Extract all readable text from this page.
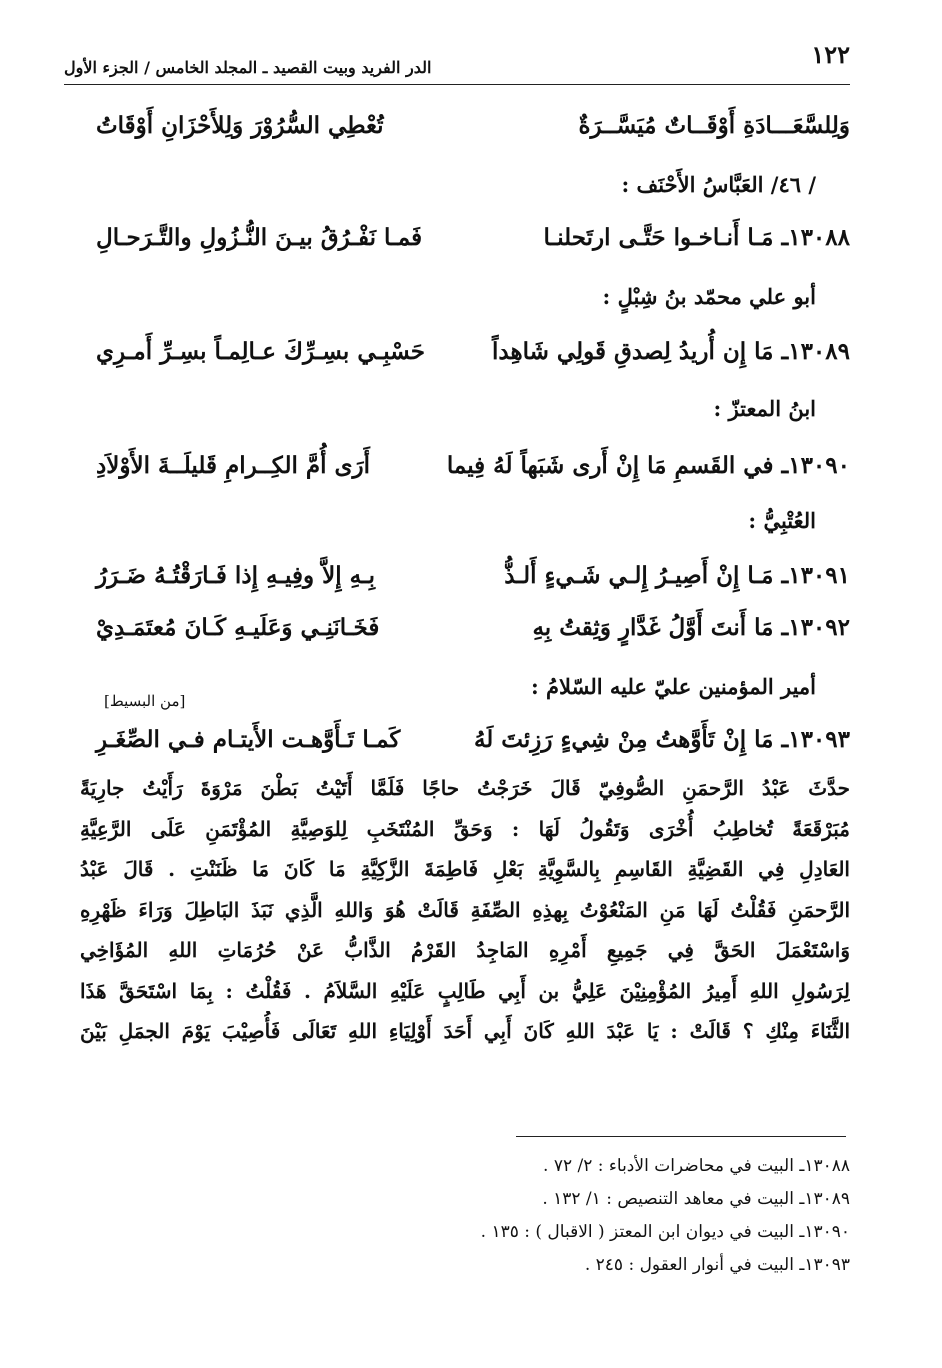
١٢٢
الدر الفريد وبيت القصيد ـ المجلد الخامس / الجزء الأول
وَلِلسَّعَـــادَةِ أَوْقَــاتٌ مُيَسَّــرَةٌ
تُعْطِي السُّرُوْرَ وَلِلأَحْزَانِ أَوْقَاتُ
/ ٤٦/ العَبَّاسُ الأَحْنَف :
١٣٠٨٨ـ مَـا أَنـاخـوا حَتَّـى ارتَحلنـا
فَمـا نَفْـرُقُ بيـنَ النُّـزُولِ والتَّـرَحـالِ
أبو علي محمّد بنُ شِبْلٍ :
١٣٠٨٩ـ مَا إِن أُريدُ لِصدقِ قَولِي شَاهِداً
حَسْبِـي بسِـرِّكَ عـالِمـاً بسِـرِّ أَمـرِي
ابنُ المعتزّ :
١٣٠٩٠ـ في القَسمِ مَا إِنْ أَرى شَبَهاً لَهُ فِيما
أَرَى أُمَّ الكِــرامِ قَليلَــةَ الأَوْلاَدِ
العُتْبِيُّ :
١٣٠٩١ـ مَـا إِنْ أَصِيـرُ إِلـي شَـيءٍ أَلـذُّ
بِـهِ إِلاَّ وفِيـهِ إِذا فَـارَقْتُـهُ ضَـرَرُ
١٣٠٩٢ـ مَا أَنتَ أَوَّلُ غَدَّارٍ وَثِقتُ بِهِ
فَخَـانَنِـي وَعَلَيـهِ كَـانَ مُعتَمَـدِيْ
أمير المؤمنين عليّ عليه السّلامُ :
[من البسيط]
١٣٠٩٣ـ مَا إِنْ تَأَوَّهتُ مِنْ شِيءٍ رَزِئتَ لَهُ
كَمـا تَـأَوَّهـت الأَيتـام فـي الصِّغَـرِ
حدَّثَ عَبْدُ الرَّحمَنِ الصُّوفِيّ قَالَ خَرَجْتُ حاجًا فَلَمَّا أَتَيْتُ بَطْنَ مَرْوَةَ رَأَيْتُ جارِيَةً
مُبَرْقَعَةً تُخاطِبُ أُخْرَى وَتَقُولُ لَهَا : وَحَقِّ المُنْتَخَبِ لِلوَصِيَّةِ المُؤْتَمَنِ عَلَى الرَّعِيَّةِ
العَادِلِ فِي القَضِيَّةِ القَاسِمِ بِالسَّوِيَّةِ بَعْلِ فَاطِمَةَ الزَّكِيَّةِ مَا كَانَ مَا ظَنَنْتِ . قَالَ عَبْدُ
الرَّحمَنِ فَقُلْتُ لَهَا مَنِ المَنْعُوْتُ بِهذِهِ الصِّفَةِ قَالَتْ هُوَ وَاللهِ الَّذِي نَبَذَ البَاطِلَ وَرَاءَ ظَهْرِهِ
وَاسْتَعْمَلَ الحَقَّ فِي جَمِيعِ أَمْرِهِ المَاجِدُ القَرْمُ الذَّابُّ عَنْ حُرُمَاتِ اللهِ المُؤَاخِي
لِرَسُولِ اللهِ أَمِيرُ المُؤْمِنِيْنَ عَلِيُّ بن أَبِي طَالِبٍ عَلَيْهِ السَّلاَمُ . فَقُلْتُ : بِمَا اسْتَحَقَّ هَذَا
الثَّنَاءَ مِنْكِ ؟ قَالَتْ : يَا عَبْدَ اللهِ كَانَ أَبِي أَحَدَ أَوْلِيَاءِ اللهِ تَعَالَى فَأُصِيْبَ يَوْمَ الجمَلِ بَيْنَ
١٣٠٨٨ـ البيت في محاضرات الأدباء : ٢/ ٧٢ .
١٣٠٨٩ـ البيت في معاهد التنصيص : ١/ ١٣٢ .
١٣٠٩٠ـ البيت في ديوان ابن المعتز ( الاقبال ) : ١٣٥ .
١٣٠٩٣ـ البيت في أنوار العقول : ٢٤٥ .
